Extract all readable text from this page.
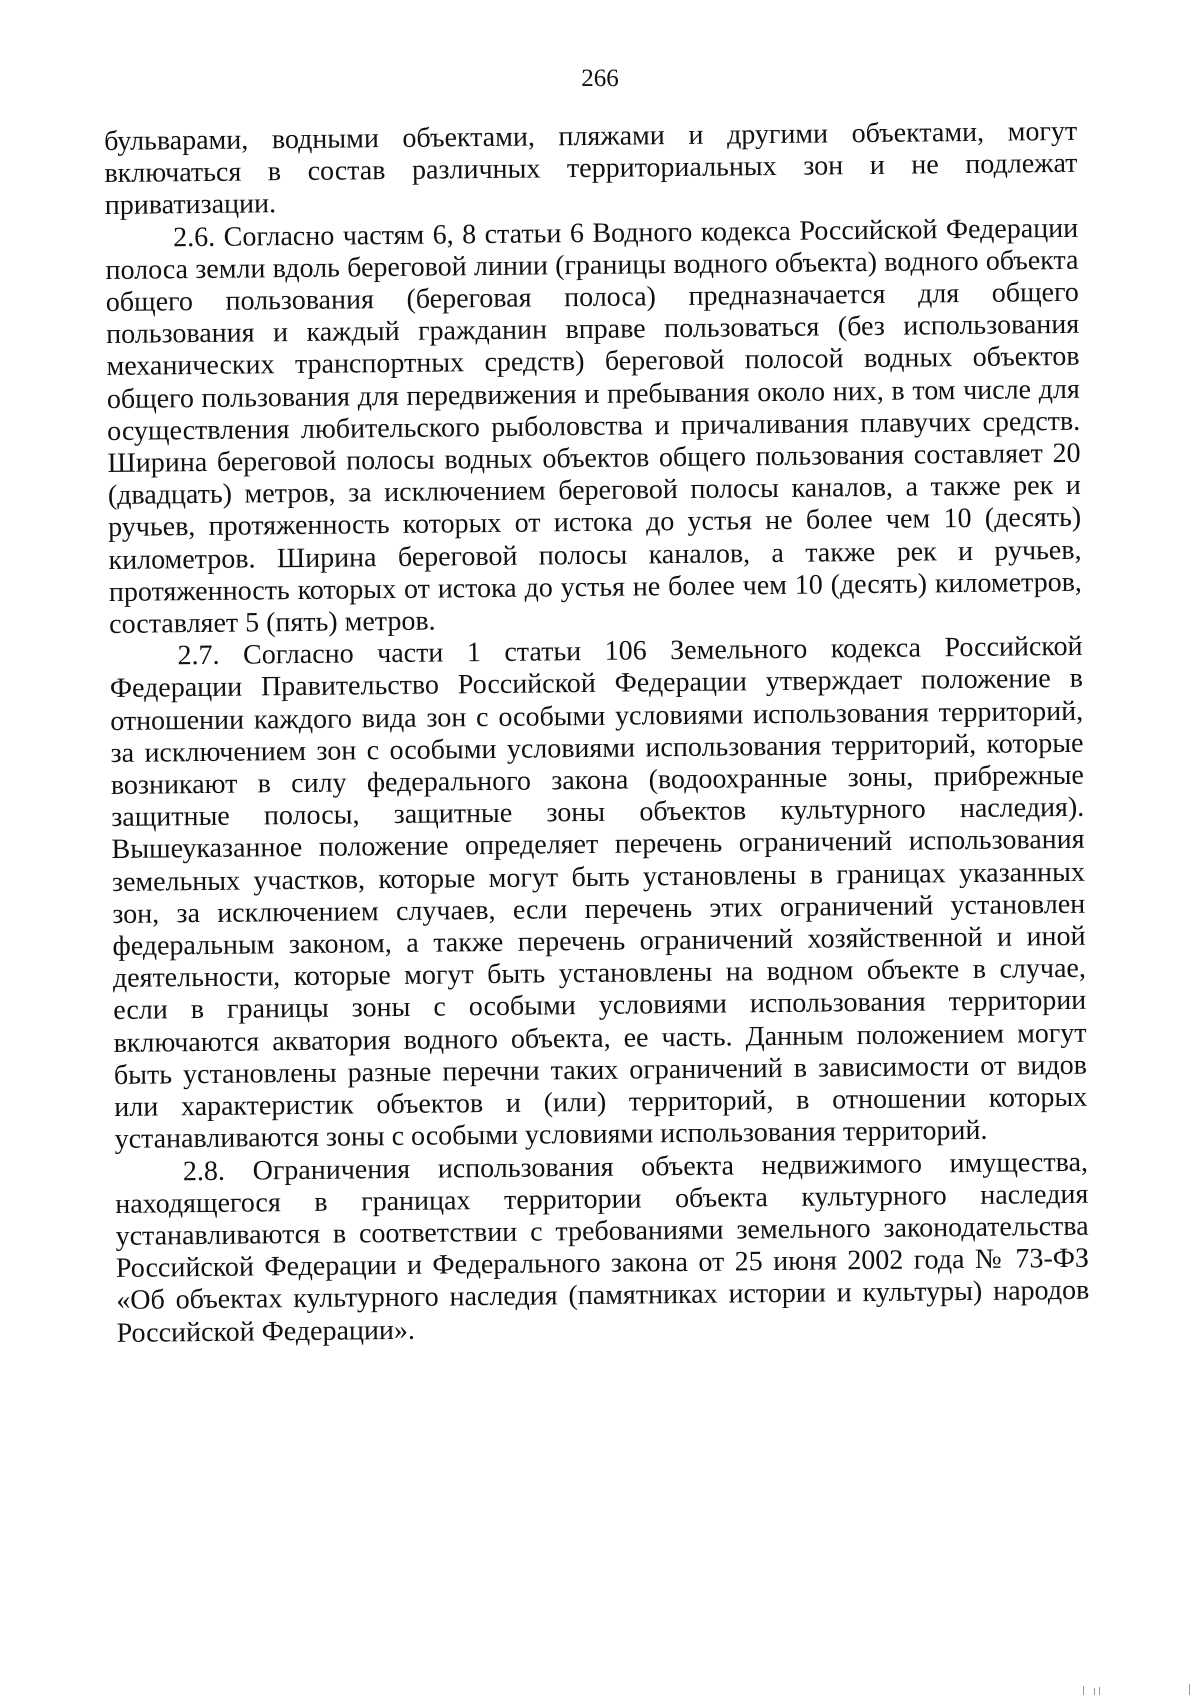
266

бульварами, водными объектами, пляжами и другими объектами, могут включаться в состав различных территориальных зон и не подлежат приватизации.

2.6. Согласно частям 6, 8 статьи 6 Водного кодекса Российской Федерации полоса земли вдоль береговой линии (границы водного объекта) водного объекта общего пользования (береговая полоса) предназначается для общего пользования и каждый гражданин вправе пользоваться (без использования механических транспортных средств) береговой полосой водных объектов общего пользования для передвижения и пребывания около них, в том числе для осуществления любительского рыболовства и причаливания плавучих средств. Ширина береговой полосы водных объектов общего пользования составляет 20 (двадцать) метров, за исключением береговой полосы каналов, а также рек и ручьев, протяженность которых от истока до устья не более чем 10 (десять) километров. Ширина береговой полосы каналов, а также рек и ручьев, протяженность которых от истока до устья не более чем 10 (десять) километров, составляет 5 (пять) метров.

2.7. Согласно части 1 статьи 106 Земельного кодекса Российской Федерации Правительство Российской Федерации утверждает положение в отношении каждого вида зон с особыми условиями использования территорий, за исключением зон с особыми условиями использования территорий, которые возникают в силу федерального закона (водоохранные зоны, прибрежные защитные полосы, защитные зоны объектов культурного наследия). Вышеуказанное положение определяет перечень ограничений использования земельных участков, которые могут быть установлены в границах указанных зон, за исключением случаев, если перечень этих ограничений установлен федеральным законом, а также перечень ограничений хозяйственной и иной деятельности, которые могут быть установлены на водном объекте в случае, если в границы зоны с особыми условиями использования территории включаются акватория водного объекта, ее часть. Данным положением могут быть установлены разные перечни таких ограничений в зависимости от видов или характеристик объектов и (или) территорий, в отношении которых устанавливаются зоны с особыми условиями использования территорий.

2.8. Ограничения использования объекта недвижимого имущества, находящегося в границах территории объекта культурного наследия устанавливаются в соответствии с требованиями земельного законодательства Российской Федерации и Федерального закона от 25 июня 2002 года № 73-ФЗ «Об объектах культурного наследия (памятниках истории и культуры) народов Российской Федерации».
